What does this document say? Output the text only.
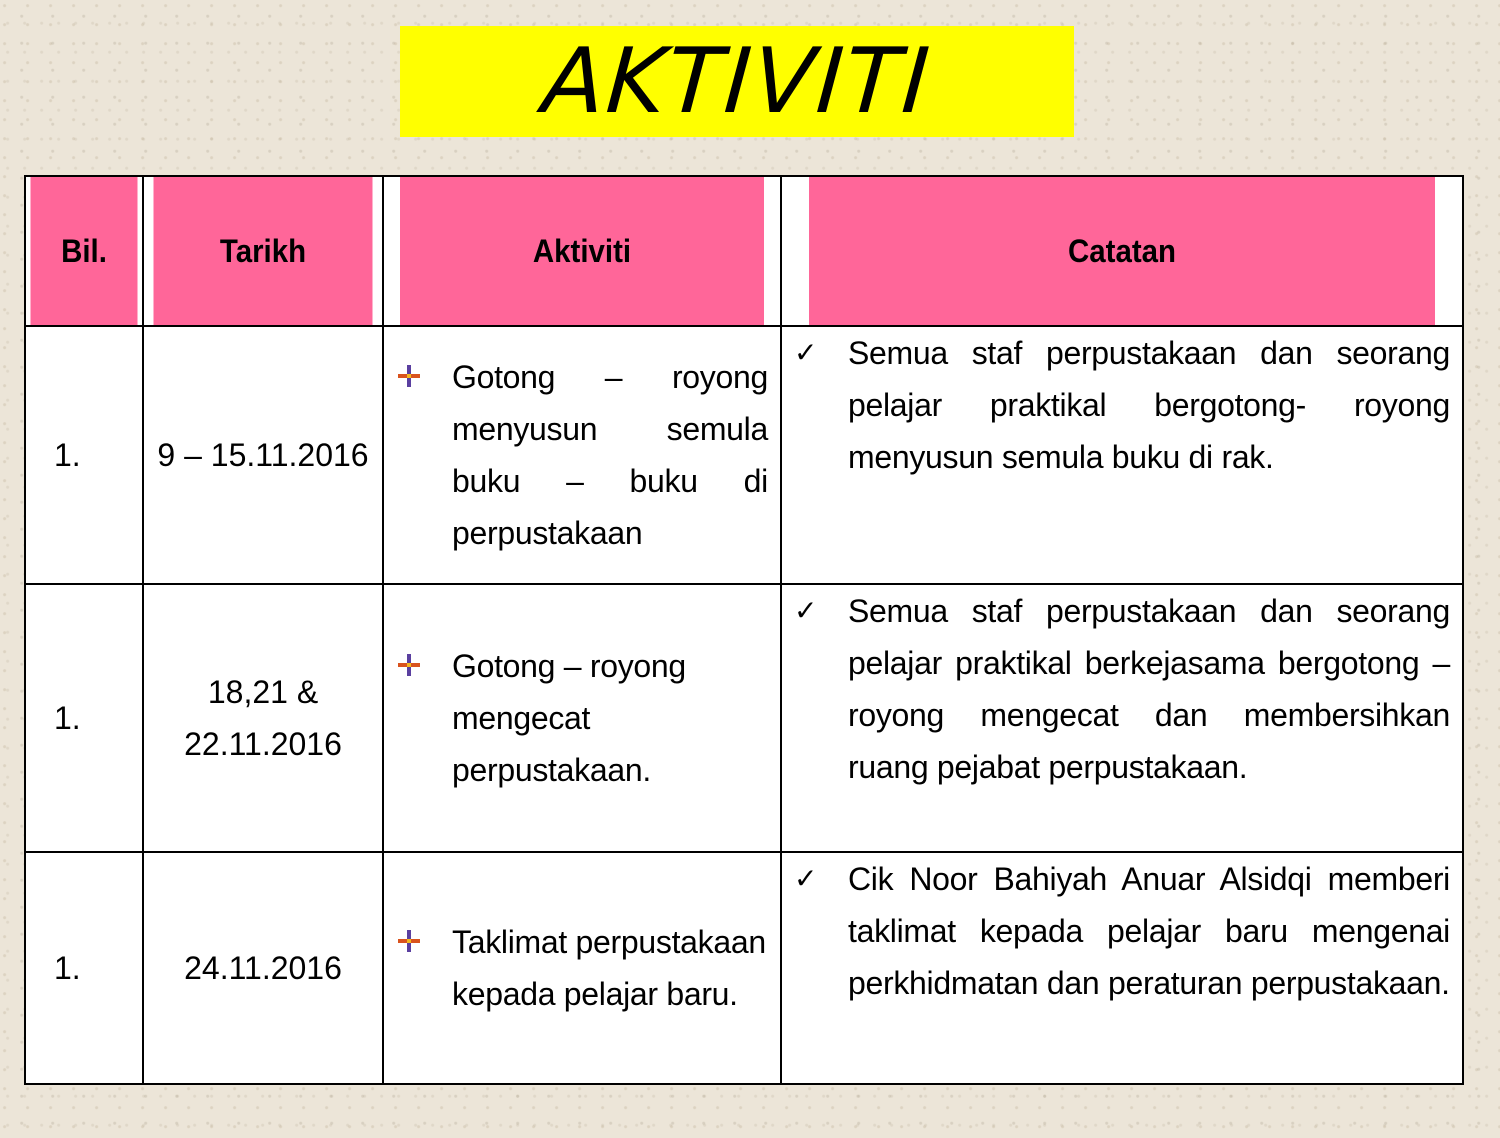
AKTIVITI
Bil.	Tarikh	Aktiviti	Catatan
1.	9 – 15.11.2016	Gotong – royong menyusun semula buku – buku di perpustakaan	✓ Semua staf perpustakaan dan seorang pelajar praktikal bergotong- royong menyusun semula buku di rak.

1.	18,21 & 22.11.2016	Gotong – royong mengecat perpustakaan.	✓ Semua staf perpustakaan dan seorang pelajar praktikal berkejasama bergotong – royong mengecat dan membersihkan ruang pejabat perpustakaan.

1.	24.11.2016	Taklimat perpustakaan kepada pelajar baru.	✓ Cik Noor Bahiyah Anuar Alsidqi memberi taklimat kepada pelajar baru mengenai perkhidmatan dan peraturan perpustakaan.
